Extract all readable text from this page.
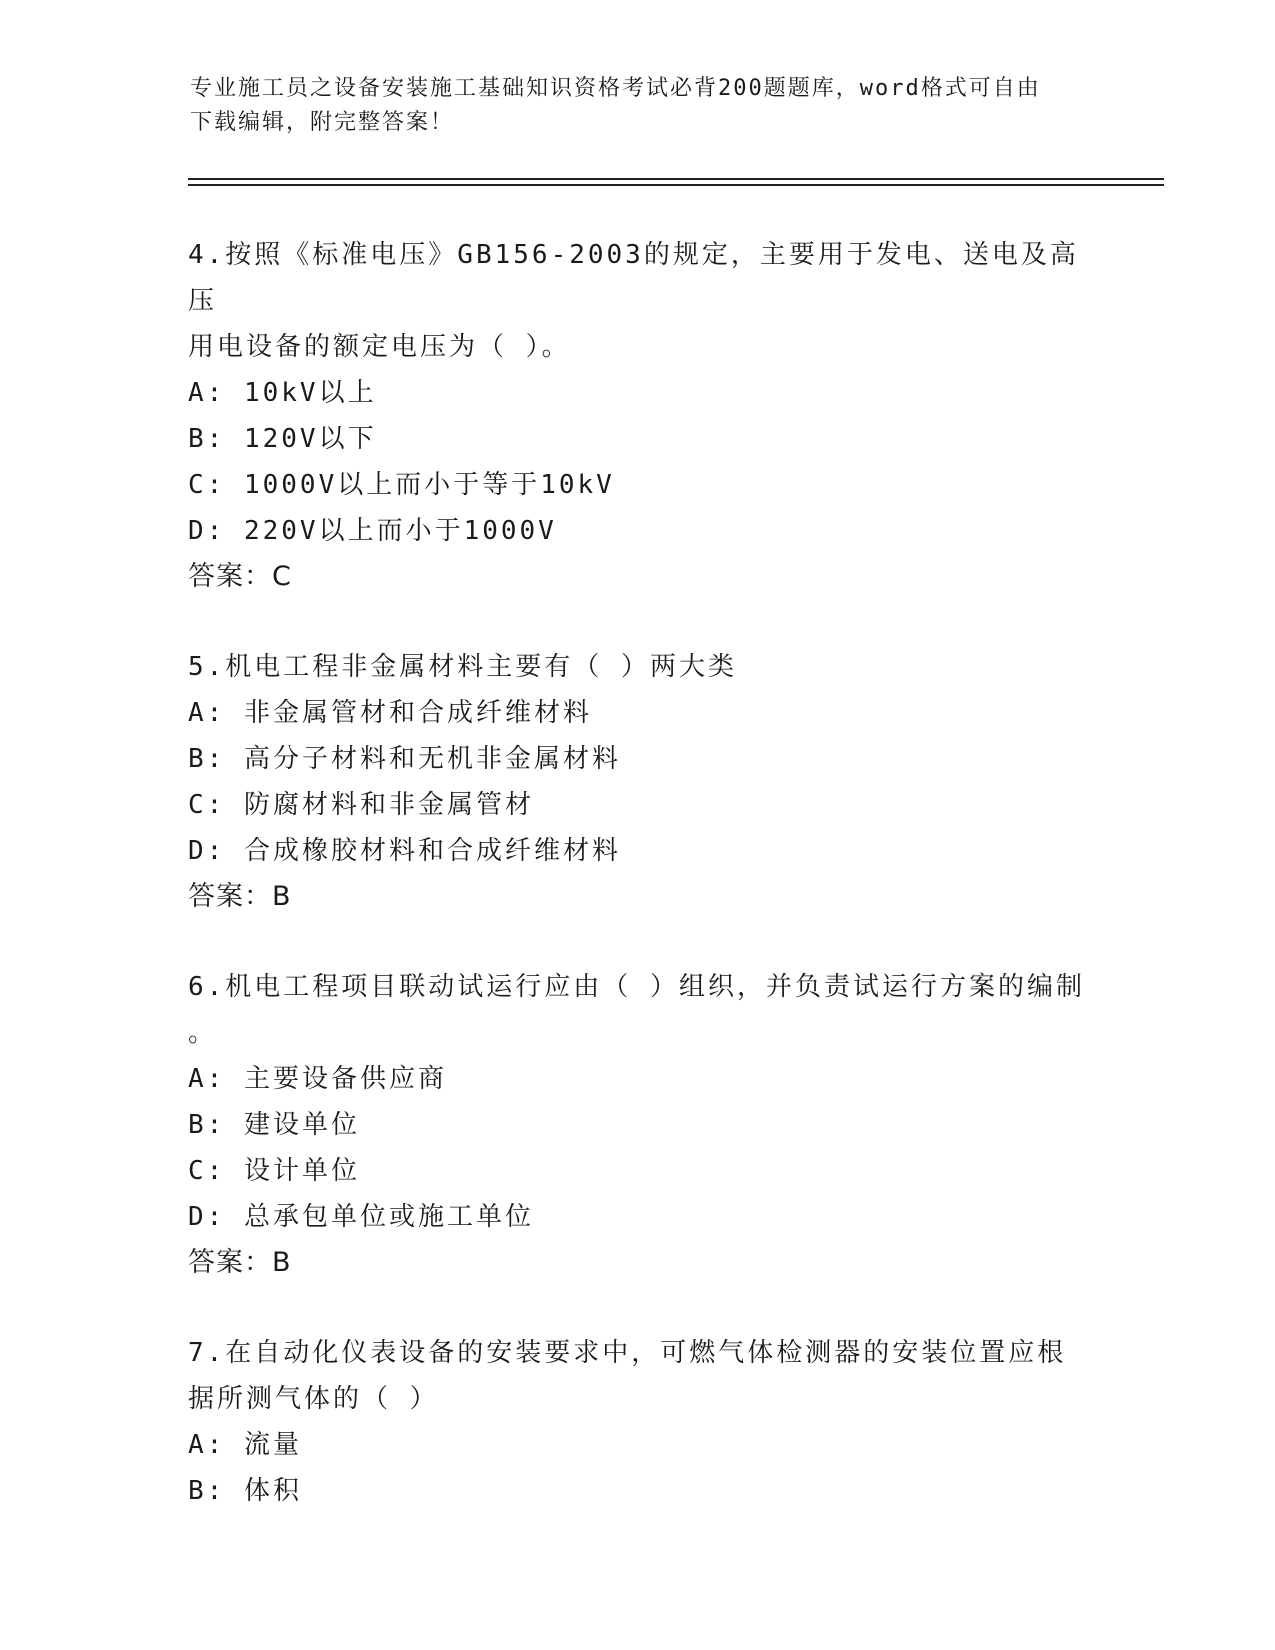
专业施工员之设备安装施工基础知识资格考试必背200题题库，word格式可自由
下载编辑，附完整答案！

4.按照《标准电压》GB156-2003的规定，主要用于发电、送电及高压

用电设备的额定电压为（ ）。

A: 10kV以上

B: 120V以下

C: 1000V以上而小于等于10kV

D: 220V以上而小于1000V

答案：C

5.机电工程非金属材料主要有（ ）两大类

A: 非金属管材和合成纤维材料

B: 高分子材料和无机非金属材料

C: 防腐材料和非金属管材

D: 合成橡胶材料和合成纤维材料

答案：B

6.机电工程项目联动试运行应由（ ）组织，并负责试运行方案的编制

。

A: 主要设备供应商

B: 建设单位

C: 设计单位

D: 总承包单位或施工单位

答案：B

7.在自动化仪表设备的安装要求中，可燃气体检测器的安装位置应根

据所测气体的（ ）

A: 流量

B: 体积
